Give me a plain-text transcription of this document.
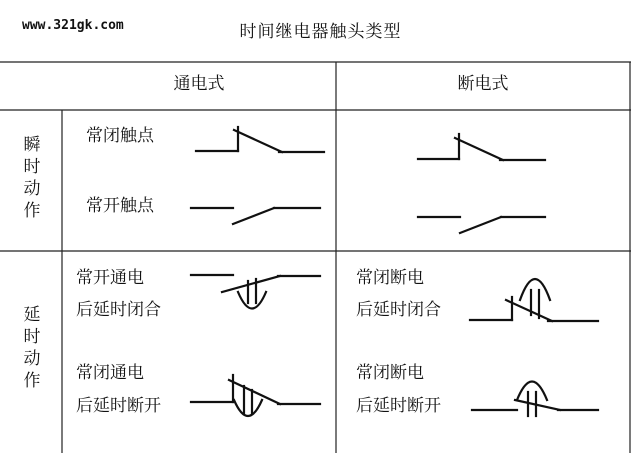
www.321gk.com	时间继电器触头类型
通电式	断电式
瞬时动作
延时动作
常闭触点
常开触点
常开通电
后延时闭合
常闭通电
后延时断开
常闭断电
后延时闭合
常闭断电
后延时断开
